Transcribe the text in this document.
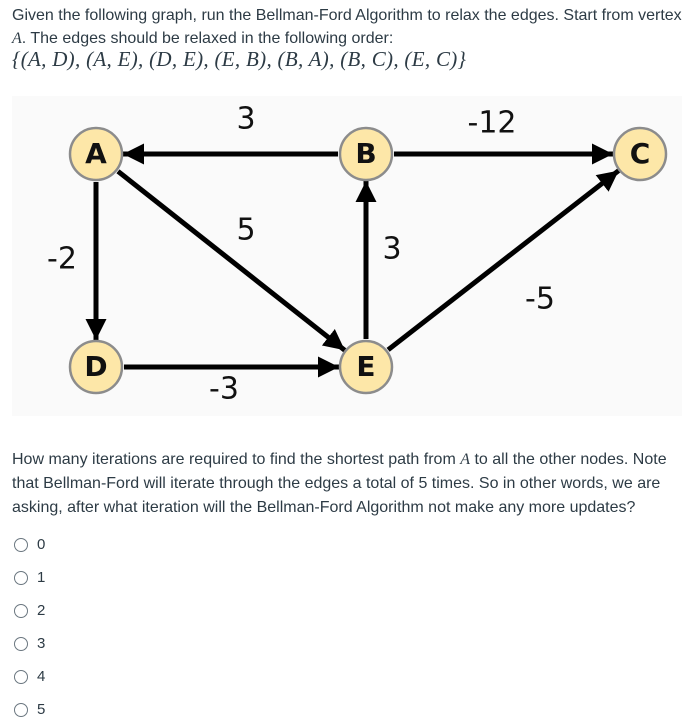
Given the following graph, run the Bellman-Ford Algorithm to relax the edges. Start from vertex
A. The edges should be relaxed in the following order:
{(A, D), (A, E), (D, E), (E, B), (B, A), (B, C), (E, C)}
3	-12
-2
5
3
-3
-5
A	B	C
D	E
How many iterations are required to find the shortest path from A to all the other nodes. Note that Bellman-Ford will iterate through the edges a total of 5 times. So in other words, we are asking, after what iteration will the Bellman-Ford Algorithm not make any more updates?
0
1
2
3
4
5
